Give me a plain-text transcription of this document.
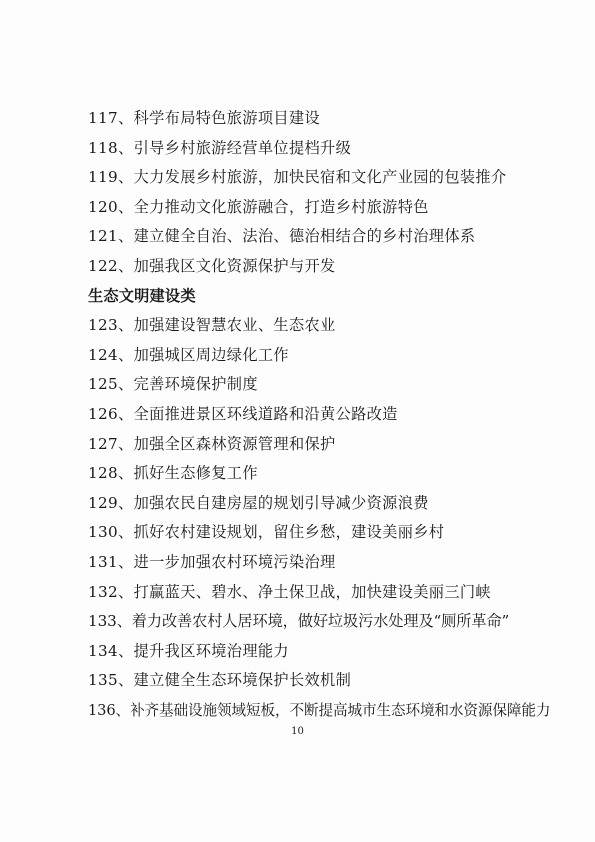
117、科学布局特色旅游项目建设
118、引导乡村旅游经营单位提档升级
119、大力发展乡村旅游，加快民宿和文化产业园的包装推介
120、全力推动文化旅游融合，打造乡村旅游特色
121、建立健全自治、法治、德治相结合的乡村治理体系
122、加强我区文化资源保护与开发
生态文明建设类
123、加强建设智慧农业、生态农业
124、加强城区周边绿化工作
125、完善环境保护制度
126、全面推进景区环线道路和沿黄公路改造
127、加强全区森林资源管理和保护
128、抓好生态修复工作
129、加强农民自建房屋的规划引导减少资源浪费
130、抓好农村建设规划，留住乡愁，建设美丽乡村
131、进一步加强农村环境污染治理
132、打赢蓝天、碧水、净土保卫战，加快建设美丽三门峡
133、着力改善农村人居环境，做好垃圾污水处理及“厕所革命”
134、提升我区环境治理能力
135、建立健全生态环境保护长效机制
136、补齐基础设施领域短板，不断提高城市生态环境和水资源保障能力
10
